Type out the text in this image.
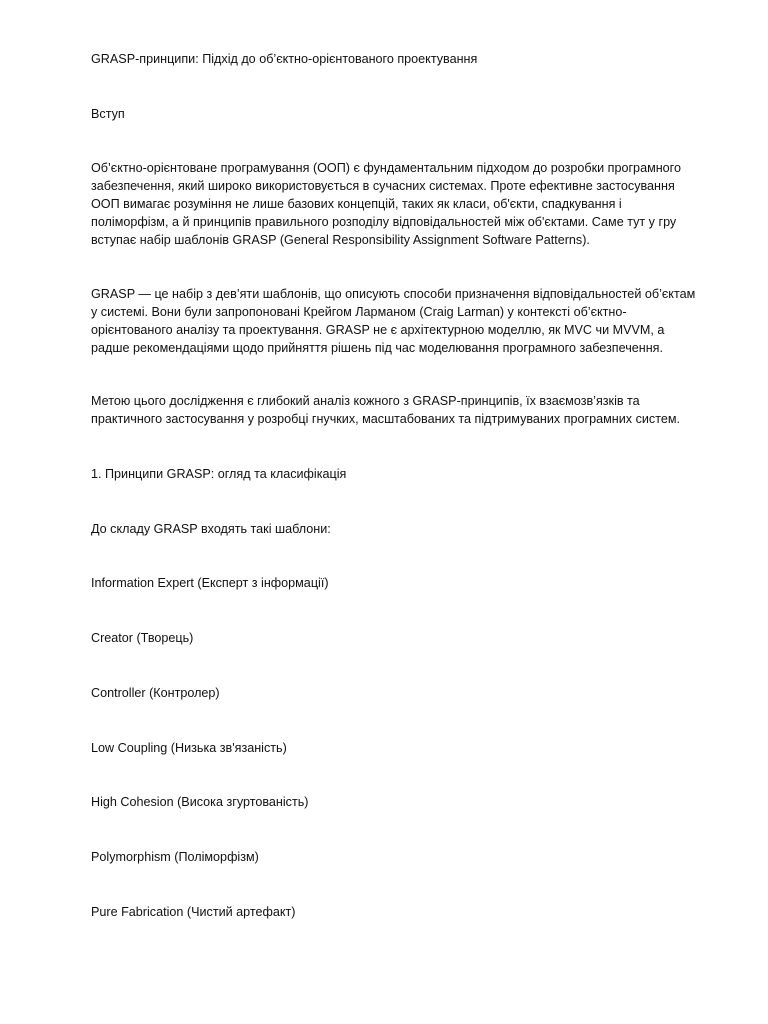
GRASP-принципи: Підхід до об’єктно-орієнтованого проектування

Вступ

Об’єктно-орієнтоване програмування (ООП) є фундаментальним підходом до розробки програмного
забезпечення, який широко використовується в сучасних системах. Проте ефективне застосування
ООП вимагає розуміння не лише базових концепцій, таких як класи, об'єкти, спадкування і
поліморфізм, а й принципів правильного розподілу відповідальностей між об'єктами. Саме тут у гру
вступає набір шаблонів GRASP (General Responsibility Assignment Software Patterns).

GRASP — це набір з дев’яти шаблонів, що описують способи призначення відповідальностей об’єктам
у системі. Вони були запропоновані Крейгом Ларманом (Craig Larman) у контексті об’єктно-
орієнтованого аналізу та проектування. GRASP не є архітектурною моделлю, як MVC чи MVVM, а
радше рекомендаціями щодо прийняття рішень під час моделювання програмного забезпечення.

Метою цього дослідження є глибокий аналіз кожного з GRASP-принципів, їх взаємозв’язків та
практичного застосування у розробці гнучких, масштабованих та підтримуваних програмних систем.

1. Принципи GRASP: огляд та класифікація

До складу GRASP входять такі шаблони:

Information Expert (Експерт з інформації)

Creator (Творець)

Controller (Контролер)

Low Coupling (Низька зв'язаність)

High Cohesion (Висока згуртованість)

Polymorphism (Поліморфізм)

Pure Fabrication (Чистий артефакт)
